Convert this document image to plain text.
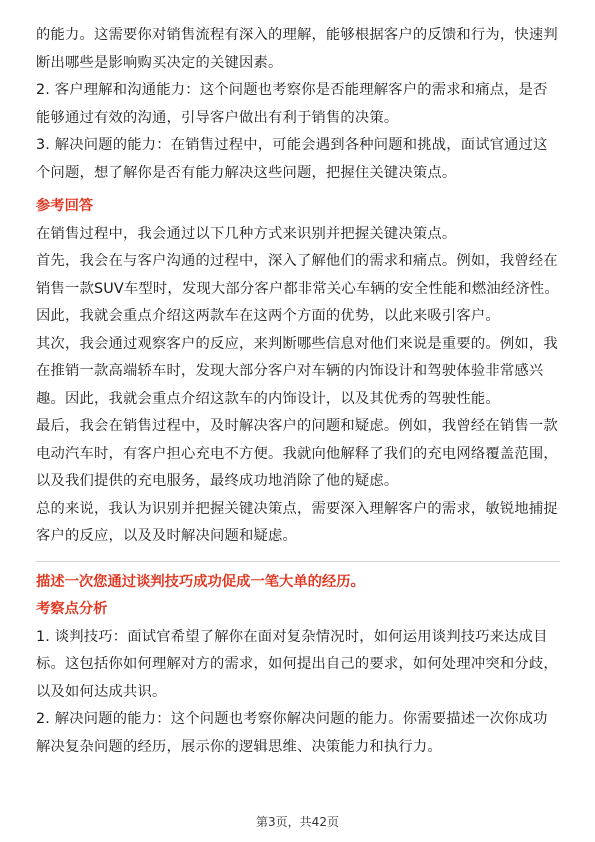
的能力。这需要你对销售流程有深入的理解，能够根据客户的反馈和行为，快速判断出哪些是影响购买决定的关键因素。

2. 客户理解和沟通能力：这个问题也考察你是否能理解客户的需求和痛点，是否能够通过有效的沟通，引导客户做出有利于销售的决策。

3. 解决问题的能力：在销售过程中，可能会遇到各种问题和挑战，面试官通过这个问题，想了解你是否有能力解决这些问题，把握住关键决策点。

参考回答

在销售过程中，我会通过以下几种方式来识别并把握关键决策点。

首先，我会在与客户沟通的过程中，深入了解他们的需求和痛点。例如，我曾经在销售一款SUV车型时，发现大部分客户都非常关心车辆的安全性能和燃油经济性。因此，我就会重点介绍这两款车在这两个方面的优势，以此来吸引客户。

其次，我会通过观察客户的反应，来判断哪些信息对他们来说是重要的。例如，我在推销一款高端轿车时，发现大部分客户对车辆的内饰设计和驾驶体验非常感兴趣。因此，我就会重点介绍这款车的内饰设计，以及其优秀的驾驶性能。

最后，我会在销售过程中，及时解决客户的问题和疑虑。例如，我曾经在销售一款电动汽车时，有客户担心充电不方便。我就向他解释了我们的充电网络覆盖范围，以及我们提供的充电服务，最终成功地消除了他的疑虑。

总的来说，我认为识别并把握关键决策点，需要深入理解客户的需求，敏锐地捕捉客户的反应，以及及时解决问题和疑虑。

描述一次您通过谈判技巧成功促成一笔大单的经历。

考察点分析

1. 谈判技巧：面试官希望了解你在面对复杂情况时，如何运用谈判技巧来达成目标。这包括你如何理解对方的需求，如何提出自己的要求，如何处理冲突和分歧，以及如何达成共识。

2. 解决问题的能力：这个问题也考察你解决问题的能力。你需要描述一次你成功解决复杂问题的经历，展示你的逻辑思维、决策能力和执行力。

第3页，共42页
